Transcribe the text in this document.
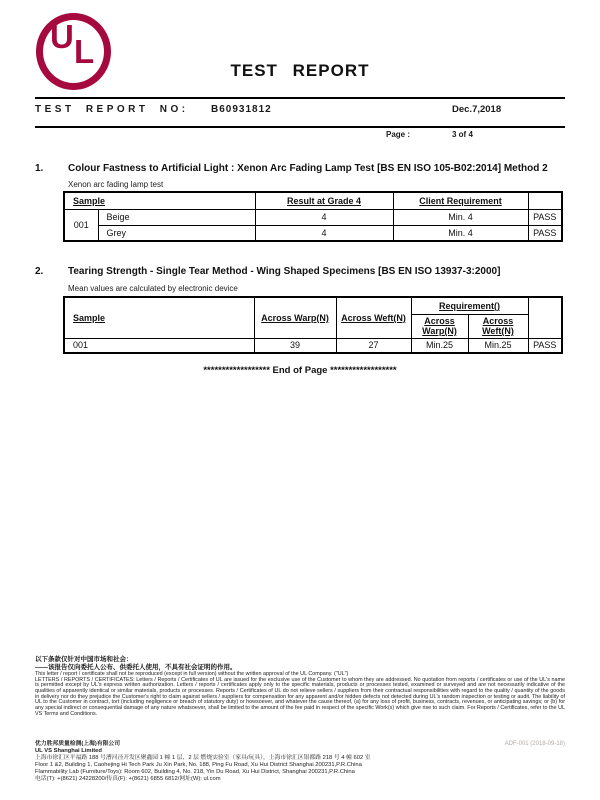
U L
TEST REPORT
TEST REPORT NO: B60931812	Dec.7,2018
Page :	3 of 4
1. Colour Fastness to Artificial Light : Xenon Arc Fading Lamp Test [BS EN ISO 105-B02:2014] Method 2
Xenon arc fading lamp test
Sample		Result at Grade 4	Client Requirement	
001	Beige	4	Min. 4	PASS
	Grey	4	Min. 4	PASS
2. Tearing Strength - Single Tear Method - Wing Shaped Specimens [BS EN ISO 13937-3:2000]
Mean values are calculated by electronic device
Sample	Across Warp(N)	Across Weft(N)	Requirement()		
			Across Warp(N)	Across Weft(N)	
001	39	27	Min.25	Min.25	PASS
****************** End of Page ******************
以下条款仅针对中国市场和社会：
——该报告仅向委托人公布、供委托人使用，不具有社会证明的作用。
This letter / report / certificate shall not be reproduced (except in full version) without the written approval of the UL Company. ("UL")
LETTERS / REPORTS / CERTIFICATES: Letters / Reports / Certificates of UL are issued for the exclusive use of the Customer to whom they are addressed. No quotation from reports / certificates or use of the UL's name is permitted except by UL's express written authorization. Letters / reports / certificates apply only to the specific materials, products or processes tested, examined or surveyed and are not necessarily indicative of the qualities of apparently identical or similar materials, products or processes. Reports / Certificates of UL do not relieve sellers / suppliers from their contractual responsibilities with regard to the quality / quantity of the goods in delivery nor do they prejudice the Customer's right to claim against sellers / suppliers for compensation for any apparent and/or hidden defects not detected during UL's random inspection or testing or audit. The liability of UL to the Customer in contract, tort (including negligence or breach of statutory duty) or howsoever, and whatever the cause thereof, (a) for any loss of profit, business, contracts, revenues, or anticipating savings; or (b) for any special indirect or consequential damage of any nature whatsoever, shall be limited to the amount of the fee paid in respect of the specific Work(s) which give rise to such claim. For Reports / Certificates, refer to the UL VS Terms and Conditions.
ADF-001 (2018-09-18)
优力胜邦质量检测(上海)有限公司
UL VS Shanghai Limited
上海市徐汇区平福路 188 号漕河泾开发区聚鑫园 1 幢 1 层、2 层 燃烧实验室（家具/玩具），上海市徐汇区银都路 218 号 4 幢 602 室
Floor 1 &2, Building 1, Caohejing Hi Tech Park Ju Xin Park, No. 188, Ping Fu Road, Xu Hui District Shanghai 200231,P.R.China
Flammability Lab (Furniture/Toys): Room 602, Building 4, No. 218, Yin Du Road, Xu Hui District, Shanghai 200231,P.R.China
电话(T): +(8621) 24228200/传真(F): +(8621) 6855 6812/网址(W): ul.com
